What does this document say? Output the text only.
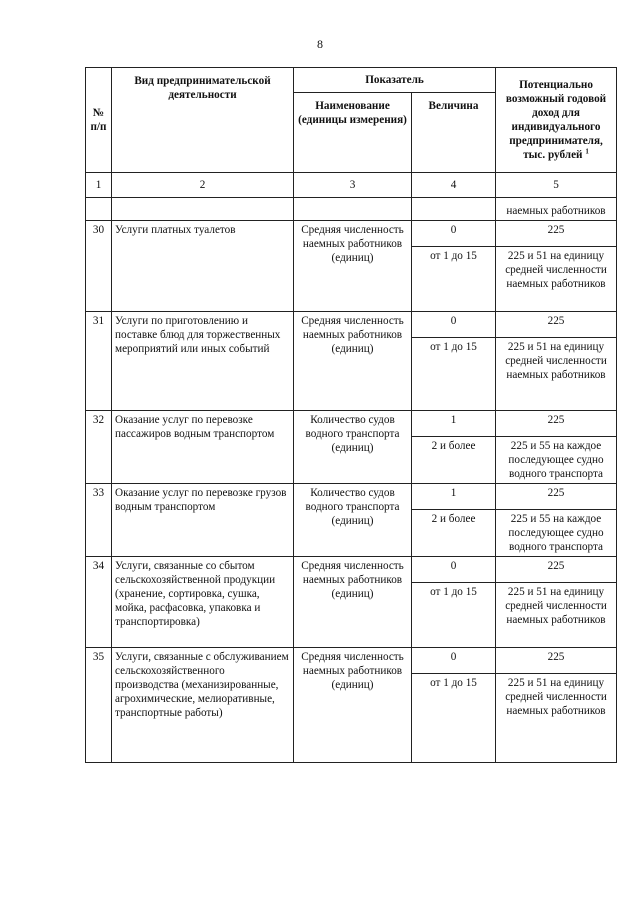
8
№ п/п	Вид предпринимательской деятельности	Показатель		Потенциально возможный годовой доход для индивидуального предпринимателя, тыс. рублей $^1$
		Наименование (единицы измерения)	Величина	
1	2	3	4	5
				наемных работников
30	Услуги платных туалетов	Средняя численность наемных работников (единиц)	0	225
			от 1 до 15	225 и 51 на единицу средней численности наемных работников
31	Услуги по приготовлению и поставке блюд для торжественных мероприятий или иных событий	Средняя численность наемных работников (единиц)	0	225
			от 1 до 15	225 и 51 на единицу средней численности наемных работников
32	Оказание услуг по перевозке пассажиров водным транспортом	Количество судов водного транспорта (единиц)	1	225
			2 и более	225 и 55 на каждое последующее судно водного транспорта
33	Оказание услуг по перевозке грузов водным транспортом	Количество судов водного транспорта (единиц)	1	225
			2 и более	225 и 55 на каждое последующее судно водного транспорта
34	Услуги, связанные со сбытом сельскохозяйственной продукции (хранение, сортировка, сушка, мойка, расфасовка, упаковка и транспортировка)	Средняя численность наемных работников (единиц)	0	225
			от 1 до 15	225 и 51 на единицу средней численности наемных работников
35	Услуги, связанные с обслуживанием сельскохозяйственного производства (механизированные, агрохимические, мелиоративные, транспортные работы)	Средняя численность наемных работников (единиц)	0	225
			от 1 до 15	225 и 51 на единицу средней численности наемных работников
